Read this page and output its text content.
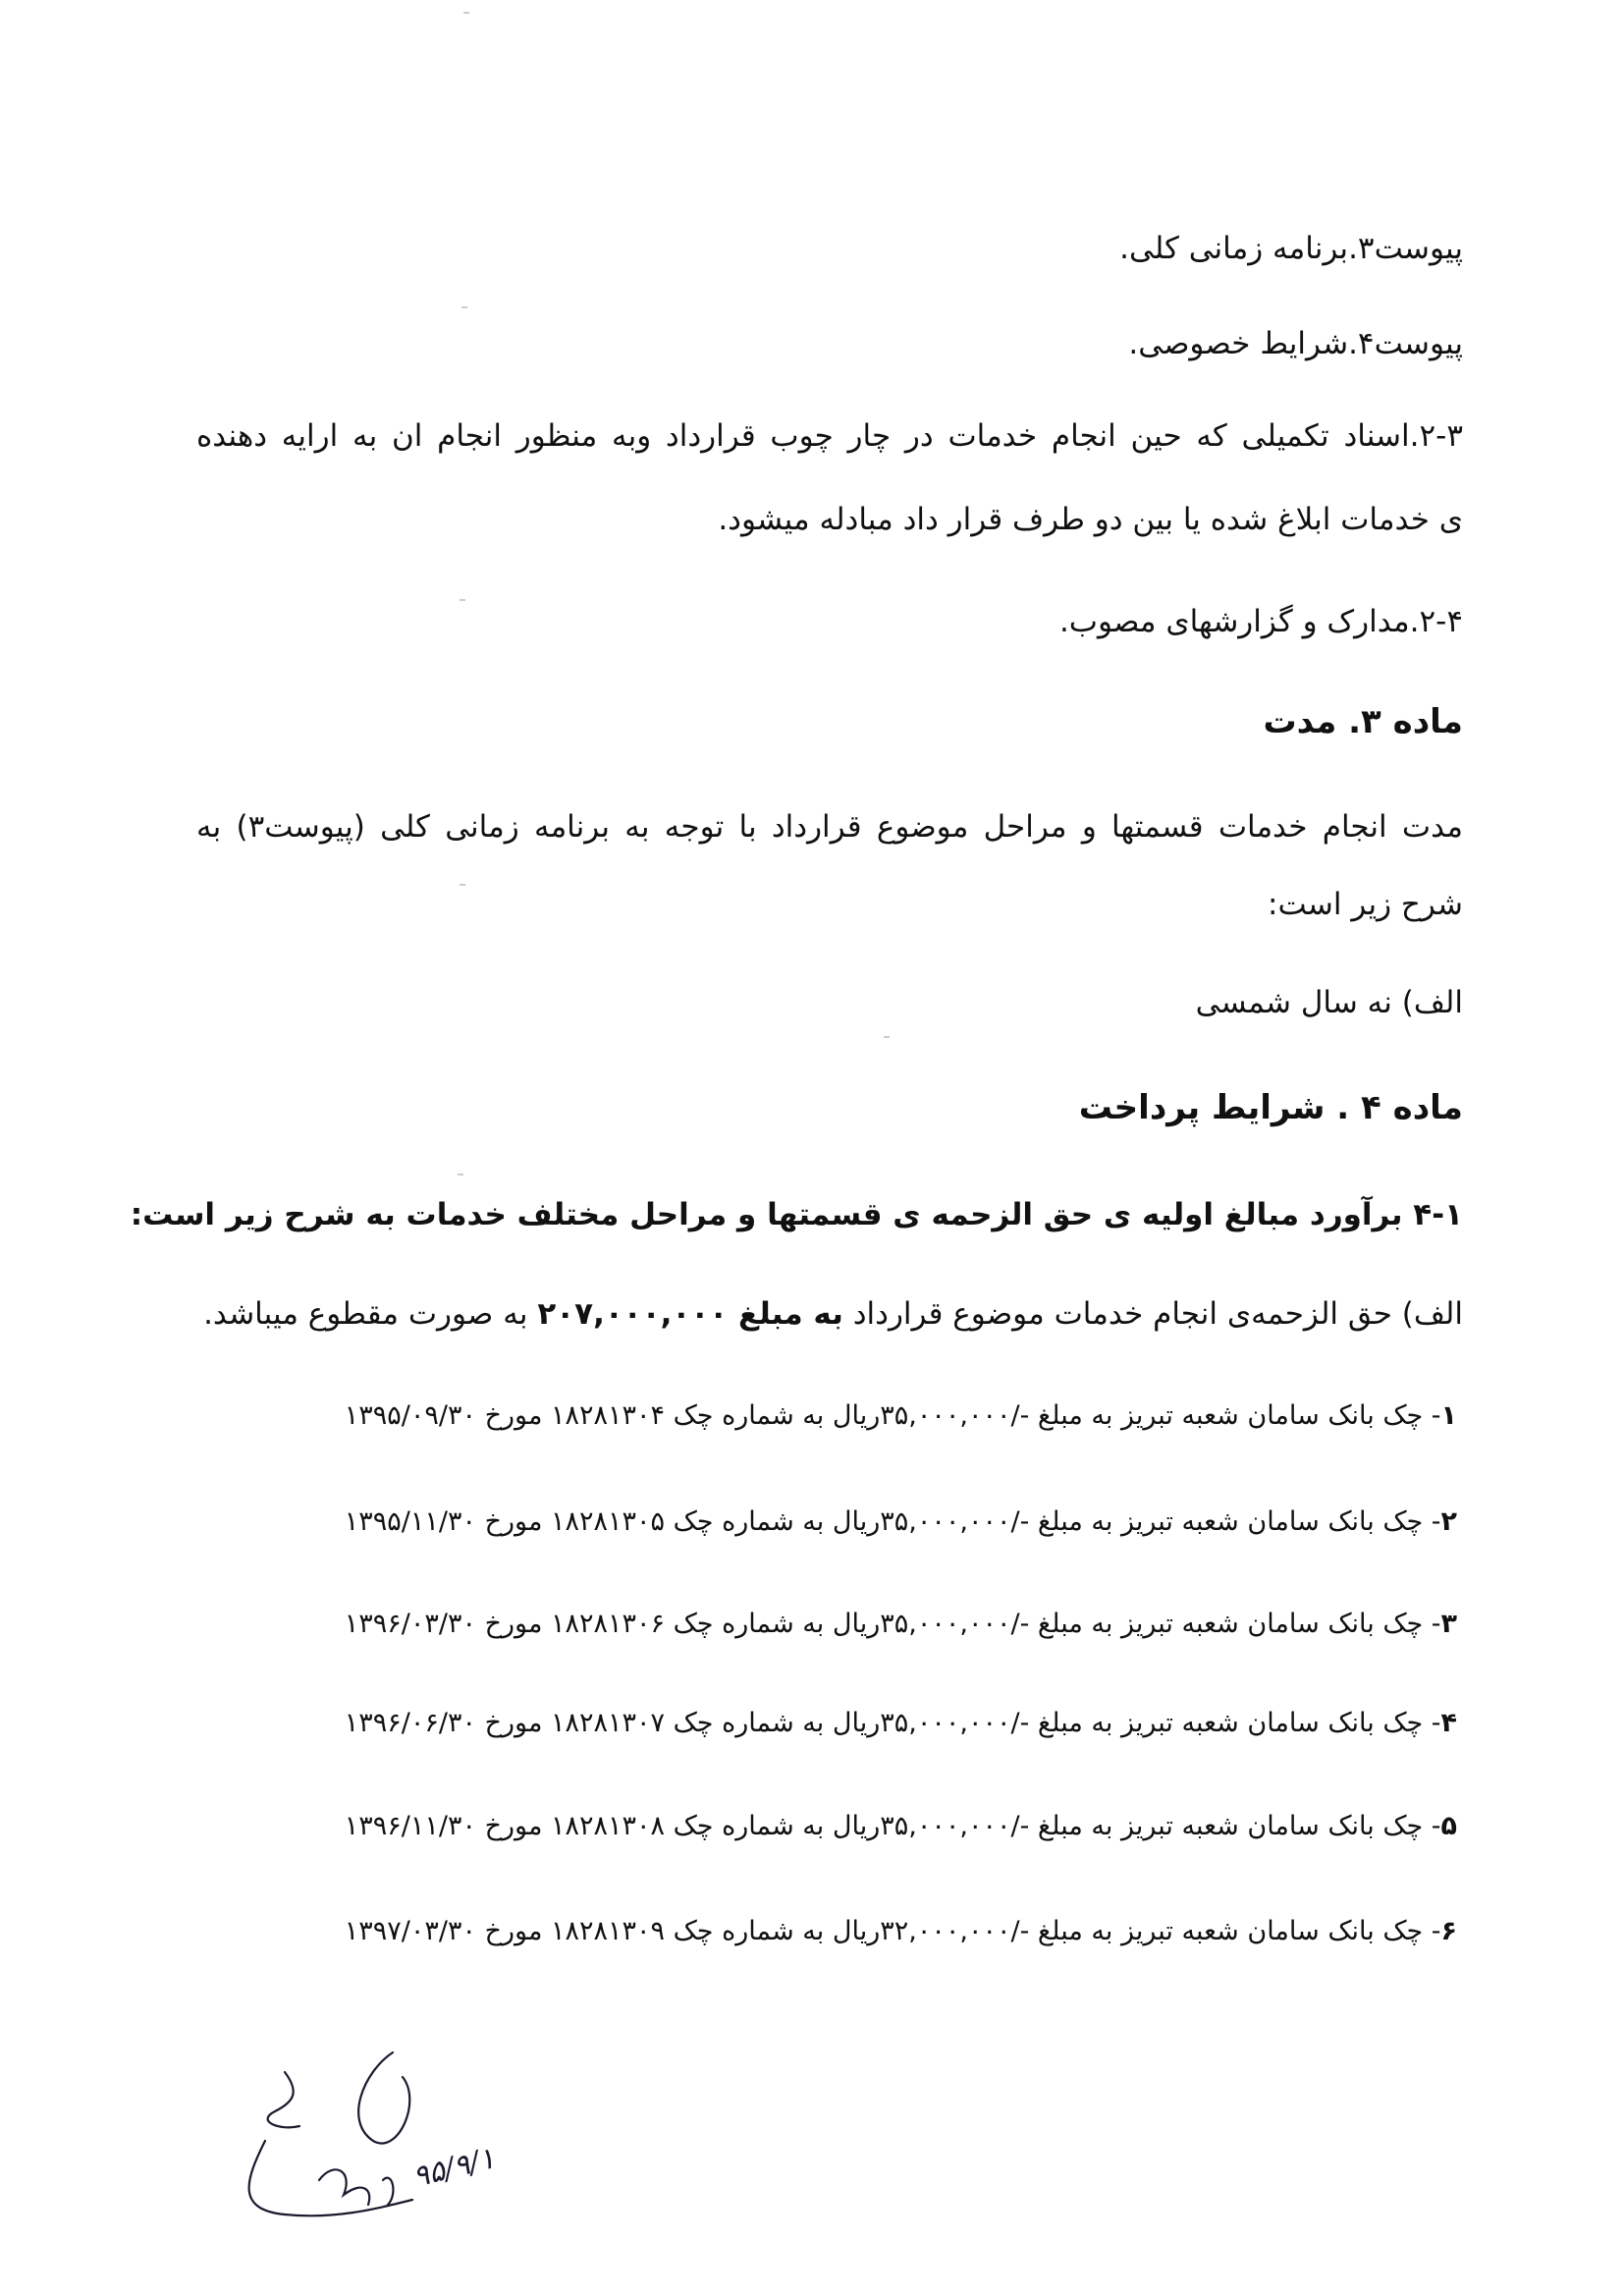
پیوست۳.برنامه زمانی کلی.
پیوست۴.شرایط خصوصی.
۲-۳.اسناد تکمیلی که حین انجام خدمات در چار چوب قرارداد وبه منظور انجام ان به ارایه دهنده
ی خدمات ابلاغ شده یا بین دو طرف قرار داد مبادله میشود.
۲-۴.مدارک و گزارشهای مصوب.
ماده ۳. مدت
مدت انجام خدمات قسمتها و مراحل موضوع قرارداد با توجه به برنامه زمانی کلی (پیوست۳) به
شرح زیر است:
الف) نه سال شمسی
ماده ۴ . شرایط پرداخت
۴-۱ برآورد مبالغ اولیه ی حق الزحمه ی قسمتها و مراحل مختلف خدمات به شرح زیر است:
الف) حق الزحمه‌ی انجام خدمات موضوع قرارداد به مبلغ ۲۰۷,۰۰۰,۰۰۰ به صورت مقطوع میباشد.
۱- چک بانک سامان شعبه تبریز به مبلغ -/۳۵,۰۰۰,۰۰۰ریال به شماره چک ۱۸۲۸۱۳۰۴ مورخ ۱۳۹۵/۰۹/۳۰
۲- چک بانک سامان شعبه تبریز به مبلغ -/۳۵,۰۰۰,۰۰۰ریال به شماره چک ۱۸۲۸۱۳۰۵ مورخ ۱۳۹۵/۱۱/۳۰
۳- چک بانک سامان شعبه تبریز به مبلغ -/۳۵,۰۰۰,۰۰۰ریال به شماره چک ۱۸۲۸۱۳۰۶ مورخ ۱۳۹۶/۰۳/۳۰
۴- چک بانک سامان شعبه تبریز به مبلغ -/۳۵,۰۰۰,۰۰۰ریال به شماره چک ۱۸۲۸۱۳۰۷ مورخ ۱۳۹۶/۰۶/۳۰
۵- چک بانک سامان شعبه تبریز به مبلغ -/۳۵,۰۰۰,۰۰۰ریال به شماره چک ۱۸۲۸۱۳۰۸ مورخ ۱۳۹۶/۱۱/۳۰
۶- چک بانک سامان شعبه تبریز به مبلغ -/۳۲,۰۰۰,۰۰۰ریال به شماره چک ۱۸۲۸۱۳۰۹ مورخ ۱۳۹۷/۰۳/۳۰
۹۵/۹/۱
